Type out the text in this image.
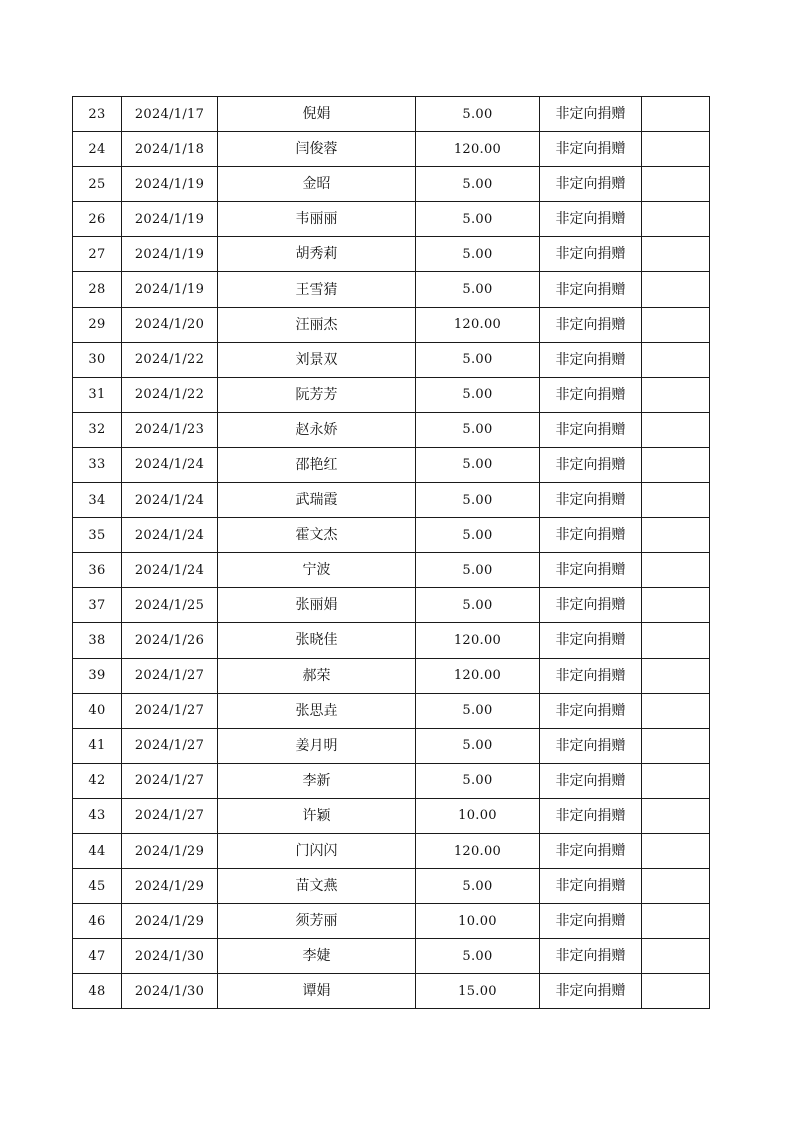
23	2024/1/17	倪娟	5.00	非定向捐赠	
24	2024/1/18	闫俊蓉	120.00	非定向捐赠	
25	2024/1/19	金昭	5.00	非定向捐赠	
26	2024/1/19	韦丽丽	5.00	非定向捐赠	
27	2024/1/19	胡秀莉	5.00	非定向捐赠	
28	2024/1/19	王雪猜	5.00	非定向捐赠	
29	2024/1/20	汪丽杰	120.00	非定向捐赠	
30	2024/1/22	刘景双	5.00	非定向捐赠	
31	2024/1/22	阮芳芳	5.00	非定向捐赠	
32	2024/1/23	赵永娇	5.00	非定向捐赠	
33	2024/1/24	邵艳红	5.00	非定向捐赠	
34	2024/1/24	武瑞霞	5.00	非定向捐赠	
35	2024/1/24	霍文杰	5.00	非定向捐赠	
36	2024/1/24	宁波	5.00	非定向捐赠	
37	2024/1/25	张丽娟	5.00	非定向捐赠	
38	2024/1/26	张晓佳	120.00	非定向捐赠	
39	2024/1/27	郝荣	120.00	非定向捐赠	
40	2024/1/27	张思垚	5.00	非定向捐赠	
41	2024/1/27	姜月明	5.00	非定向捐赠	
42	2024/1/27	李新	5.00	非定向捐赠	
43	2024/1/27	许颖	10.00	非定向捐赠	
44	2024/1/29	门闪闪	120.00	非定向捐赠	
45	2024/1/29	苗文燕	5.00	非定向捐赠	
46	2024/1/29	须芳丽	10.00	非定向捐赠	
47	2024/1/30	李婕	5.00	非定向捐赠	
48	2024/1/30	谭娟	15.00	非定向捐赠	
